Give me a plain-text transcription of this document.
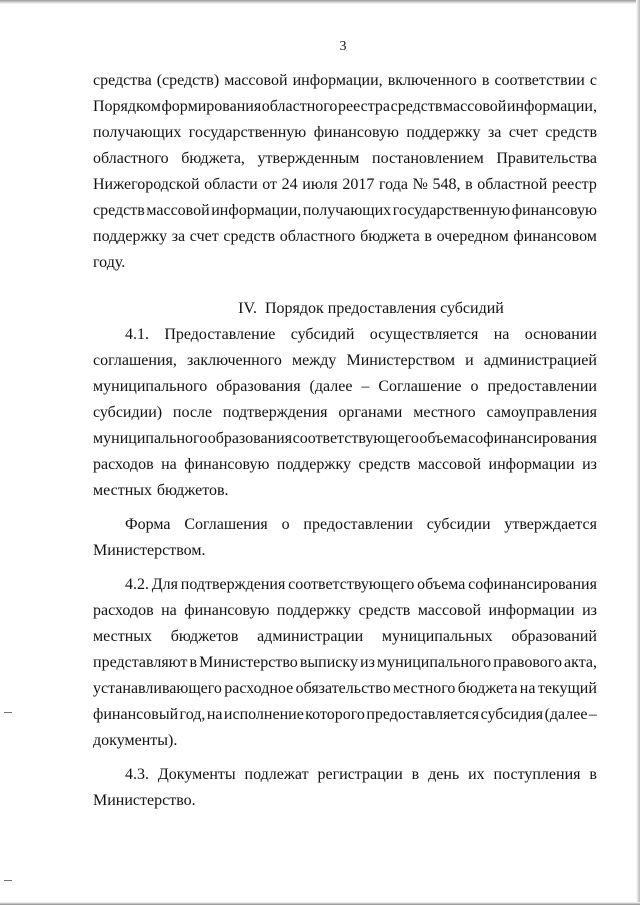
3
средства (средств) массовой информации, включенного в соответствии с
Порядком формирования областного реестра средств массовой информации,
получающих государственную финансовую поддержку за счет средств
областного бюджета, утвержденным постановлением Правительства
Нижегородской области от 24 июля 2017 года № 548, в областной реестр
средств массовой информации, получающих государственную финансовую
поддержку за счет средств областного бюджета в очередном финансовом
году.
IV.  Порядок предоставления субсидий
4.1. Предоставление субсидий осуществляется на основании
соглашения, заключенного между Министерством и администрацией
муниципального образования (далее – Соглашение о предоставлении
субсидии) после подтверждения органами местного самоуправления
муниципального образования соответствующего объема софинансирования
расходов на финансовую поддержку средств массовой информации из
местных бюджетов.
Форма Соглашения о предоставлении субсидии утверждается
Министерством.
4.2. Для подтверждения соответствующего объема софинансирования
расходов на финансовую поддержку средств массовой информации из
местных бюджетов администрации муниципальных образований
представляют в Министерство выписку из муниципального правового акта,
устанавливающего расходное обязательство местного бюджета на текущий
финансовый год, на исполнение которого предоставляется субсидия (далее –
документы).
4.3. Документы подлежат регистрации в день их поступления в
Министерство.
